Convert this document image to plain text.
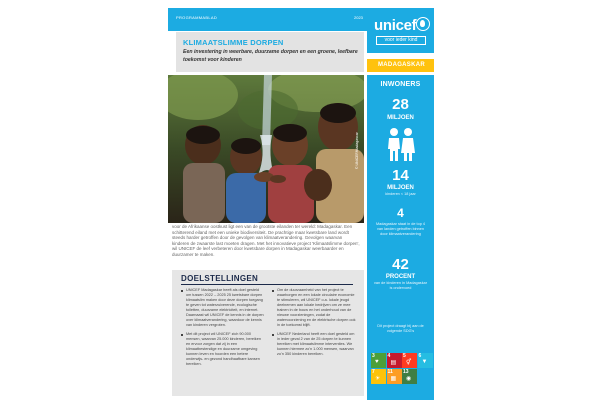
PROGRAMMABLAD	2023 unicef
voor ieder kind
MADAGASKAR
KLIMAATSLIMME DORPEN
Een investering in weerbare, duurzame dorpen en een groene, leefbare toekomst voor kinderen
© UNICEF/Madagascar

voor de Afrikaanse oostkust ligt een van de grootste eilanden ter wereld: Madagaskar. Een schitterend eiland met een unieke biodiversiteit. De prachtige maar kwetsbare land wordt steeds harder getroffen door de gevolgen van klimaatverandering. Gevolgen waarvan kinderen de zwaarste last moeten dragen. Met het innovatieve project 'Klimaatslimme dorpen', wil UNICEF de leef verbeteren door kwetsbare dorpen in Madagaskar weerbaarder en duurzamer te maken.

DOELSTELLINGEN
UNICEF Madagaskar heeft als doel gesteld om tussen 2022 – 2025 25 kwetsbare dorpen klimaatslim maken door deze dorpen toegang te geven tot waterzuiverende, ecologische toiletten, duurzame elektriciteit, en internet. Daarnaast wil UNICEF de kennis in de dorpen over klimaatverandering, waardoor de kennis van kinderen vergroten.
Met dit project wil UNICEF zich 90.000 mensen, waarvan 25.000 kinderen, bereiken en ervoor zorgen dat zij in een klimaatbestendige en duurzame omgeving kunnen leven en hoorden een betere onderwijs- en gezond handhaafbare kansen bereiken.
Om de duurzaamheid van het project te waarborgen en een lokale circulaire economie te stimuleren, wil UNICEF o.a. lokale jeugd deelnemen aan lokale bedrijven om ze mee trainen in de bouw en het onderhoud van de nieuwe voorzieningen, zodat de watervoorziening en de elektrische dorpen ook in de toekomst blijft.
UNICEF Nederland heeft een doel gesteld om in ieder geval 2 van de 25 dorpen te kunnen bereiken met klimaatslimme interventies. We kunnen hiermee zo'n 1.000 mensen, waarvan zo'n 350 kinderen bereiken.
INWONERS
28
MILJOEN
14
MILJOEN
kinderen < 18 jaar
4
Madagaskar staat in de top 4 van landen getroffen binnen door klimaatverandering
42
PROCENT
van de kinderen in Madagaskar is ondervoed
Dit project draagt bij aan de volgende SDG's
3
♥
4
▤
5
⚥
6
▼
7
☀
11
▦
13
◉
